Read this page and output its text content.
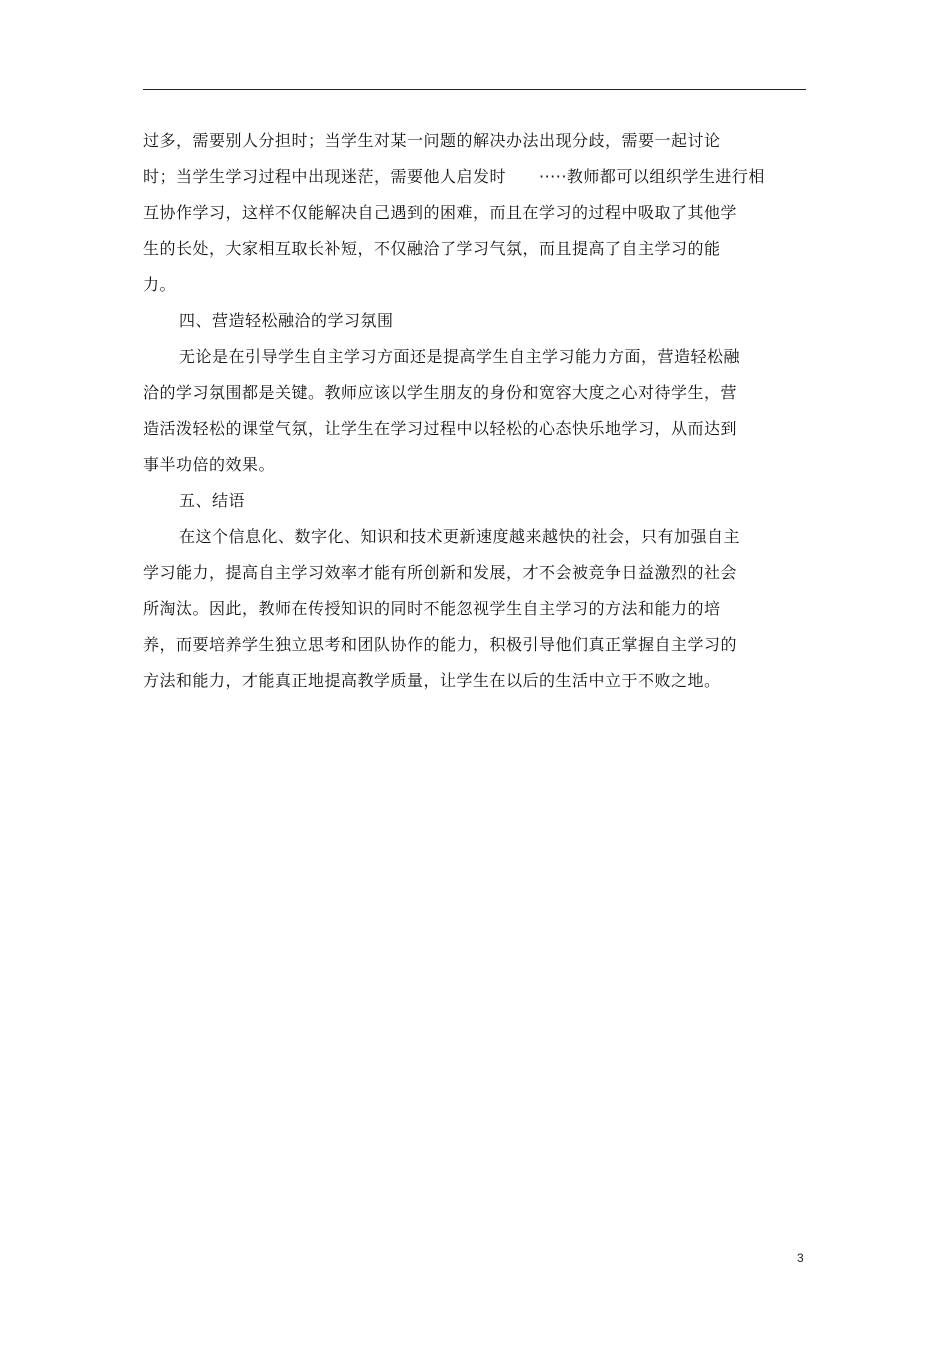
过多，需要别人分担时；当学生对某一问题的解决办法出现分歧，需要一起讨论
时；当学生学习过程中出现迷茫，需要他人启发时　　·····教师都可以组织学生进行相
互协作学习，这样不仅能解决自己遇到的困难，而且在学习的过程中吸取了其他学
生的长处，大家相互取长补短，不仅融洽了学习气氛，而且提高了自主学习的能
力。
四、营造轻松融洽的学习氛围
无论是在引导学生自主学习方面还是提高学生自主学习能力方面，营造轻松融
洽的学习氛围都是关键。教师应该以学生朋友的身份和宽容大度之心对待学生，营
造活泼轻松的课堂气氛，让学生在学习过程中以轻松的心态快乐地学习，从而达到
事半功倍的效果。
五、结语
在这个信息化、数字化、知识和技术更新速度越来越快的社会，只有加强自主
学习能力，提高自主学习效率才能有所创新和发展，才不会被竞争日益激烈的社会
所淘汰。因此，教师在传授知识的同时不能忽视学生自主学习的方法和能力的培
养，而要培养学生独立思考和团队协作的能力，积极引导他们真正掌握自主学习的
方法和能力，才能真正地提高教学质量，让学生在以后的生活中立于不败之地。
3
